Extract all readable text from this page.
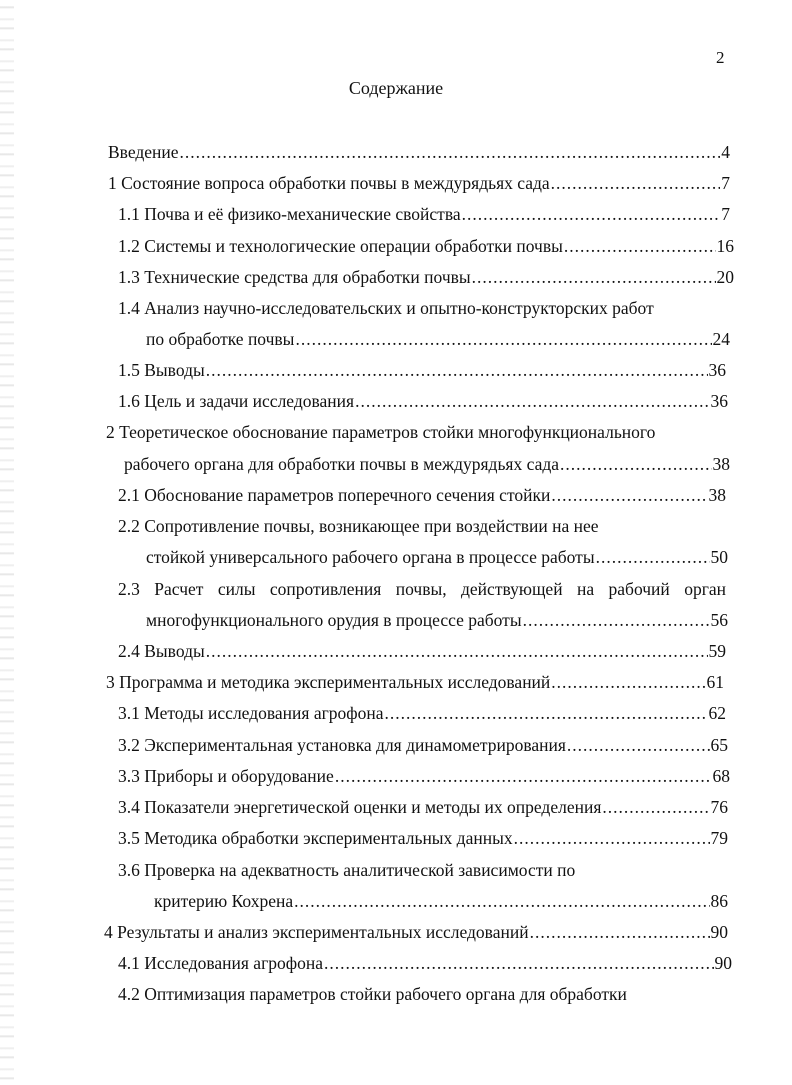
2
Содержание
Введение .....	4
1 Состояние вопроса обработки почвы в междурядьях сада .....	7
1.1 Почва и её физико-механические свойства .....	7
1.2 Системы и технологические операции обработки почвы .....	16
1.3 Технические средства для обработки почвы .....	20
1.4 Анализ научно-исследовательских и опытно-конструкторских работ
по обработке почвы .....	24
1.5 Выводы .....	36
1.6 Цель и задачи исследования .....	36
2 Теоретическое обоснование параметров стойки многофункционального
рабочего органа для обработки почвы в междурядьях сада .....	38
2.1 Обоснование параметров поперечного сечения стойки .....	38
2.2 Сопротивление почвы, возникающее при воздействии на нее
стойкой универсального рабочего органа в процессе работы .....	50
2.3 Расчет силы сопротивления почвы, действующей на рабочий орган
многофункционального орудия в процессе работы .....	56
2.4 Выводы .....	59
3 Программа и методика экспериментальных исследований .....	61
3.1 Методы исследования агрофона .....	62
3.2 Экспериментальная установка для динамометрирования .....	65
3.3 Приборы и оборудование .....	68
3.4 Показатели энергетической оценки и методы их определения .....	76
3.5 Методика обработки экспериментальных данных .....	79
3.6 Проверка на адекватность аналитической зависимости по
критерию Кохрена .....	86
4 Результаты и анализ экспериментальных исследований .....	90
4.1 Исследования агрофона .....	90
4.2 Оптимизация параметров стойки рабочего органа для обработки
